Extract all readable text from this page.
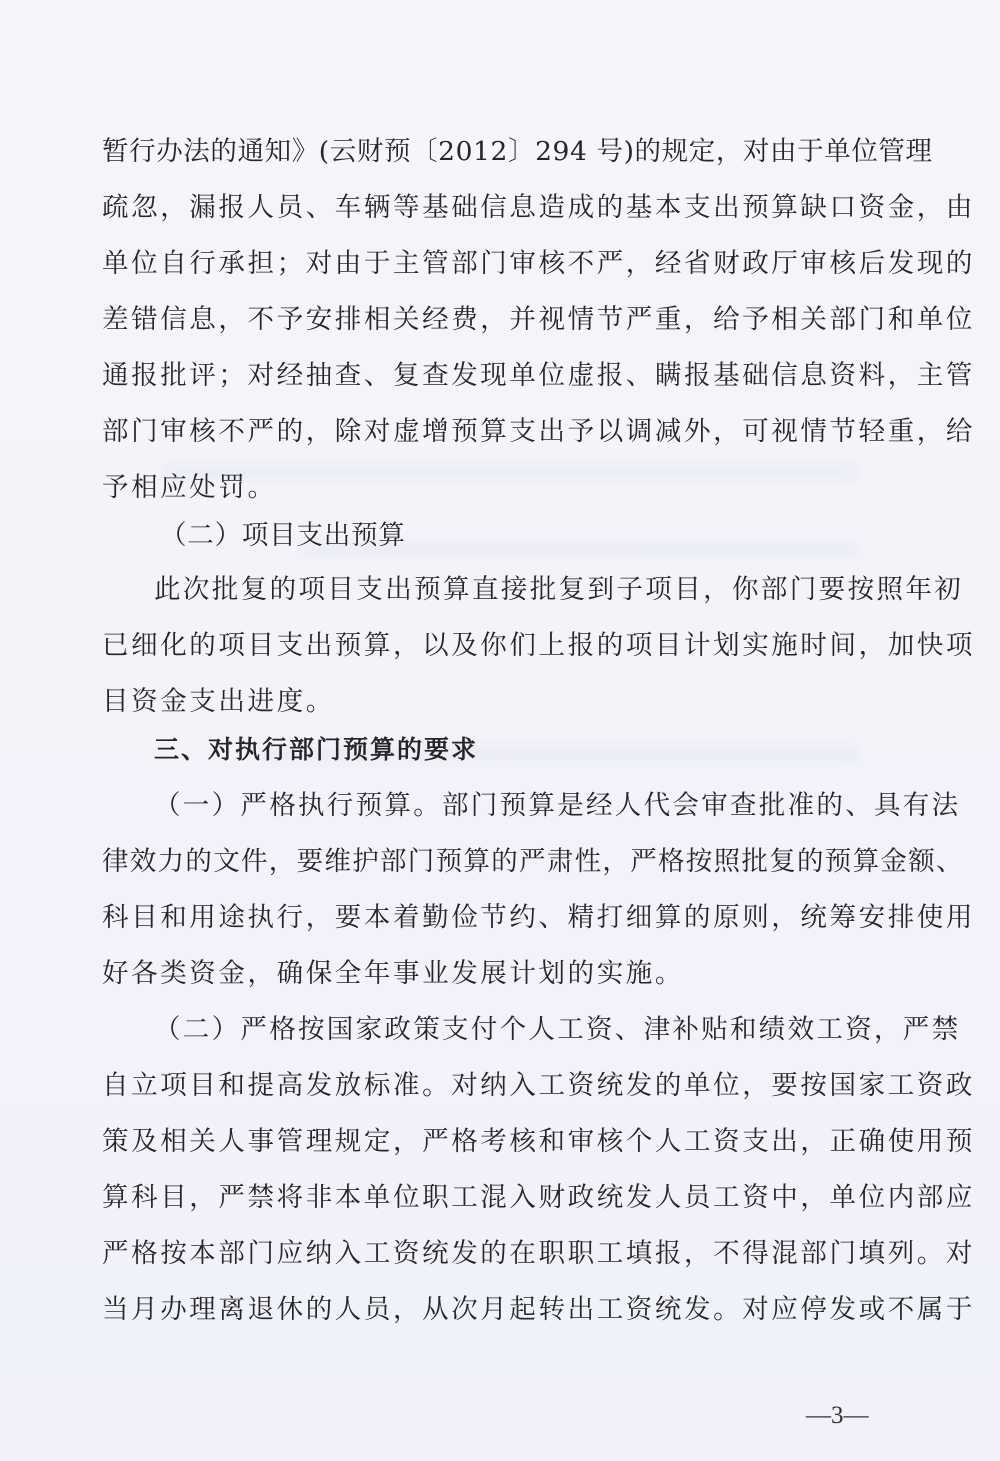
暂行办法的通知》(云财预〔2012〕294 号)的规定，对由于单位管理

疏忽，漏报人员、车辆等基础信息造成的基本支出预算缺口资金，由

单位自行承担；对由于主管部门审核不严，经省财政厅审核后发现的

差错信息，不予安排相关经费，并视情节严重，给予相关部门和单位

通报批评；对经抽查、复查发现单位虚报、瞒报基础信息资料，主管

部门审核不严的，除对虚增预算支出予以调减外，可视情节轻重，给

予相应处罚。

（二）项目支出预算

此次批复的项目支出预算直接批复到子项目，你部门要按照年初

已细化的项目支出预算，以及你们上报的项目计划实施时间，加快项

目资金支出进度。

三、对执行部门预算的要求

（一）严格执行预算。部门预算是经人代会审查批准的、具有法

律效力的文件，要维护部门预算的严肃性，严格按照批复的预算金额、

科目和用途执行，要本着勤俭节约、精打细算的原则，统筹安排使用

好各类资金，确保全年事业发展计划的实施。

（二）严格按国家政策支付个人工资、津补贴和绩效工资，严禁

自立项目和提高发放标准。对纳入工资统发的单位，要按国家工资政

策及相关人事管理规定，严格考核和审核个人工资支出，正确使用预

算科目，严禁将非本单位职工混入财政统发人员工资中，单位内部应

严格按本部门应纳入工资统发的在职职工填报，不得混部门填列。对

当月办理离退休的人员，从次月起转出工资统发。对应停发或不属于

—3—
